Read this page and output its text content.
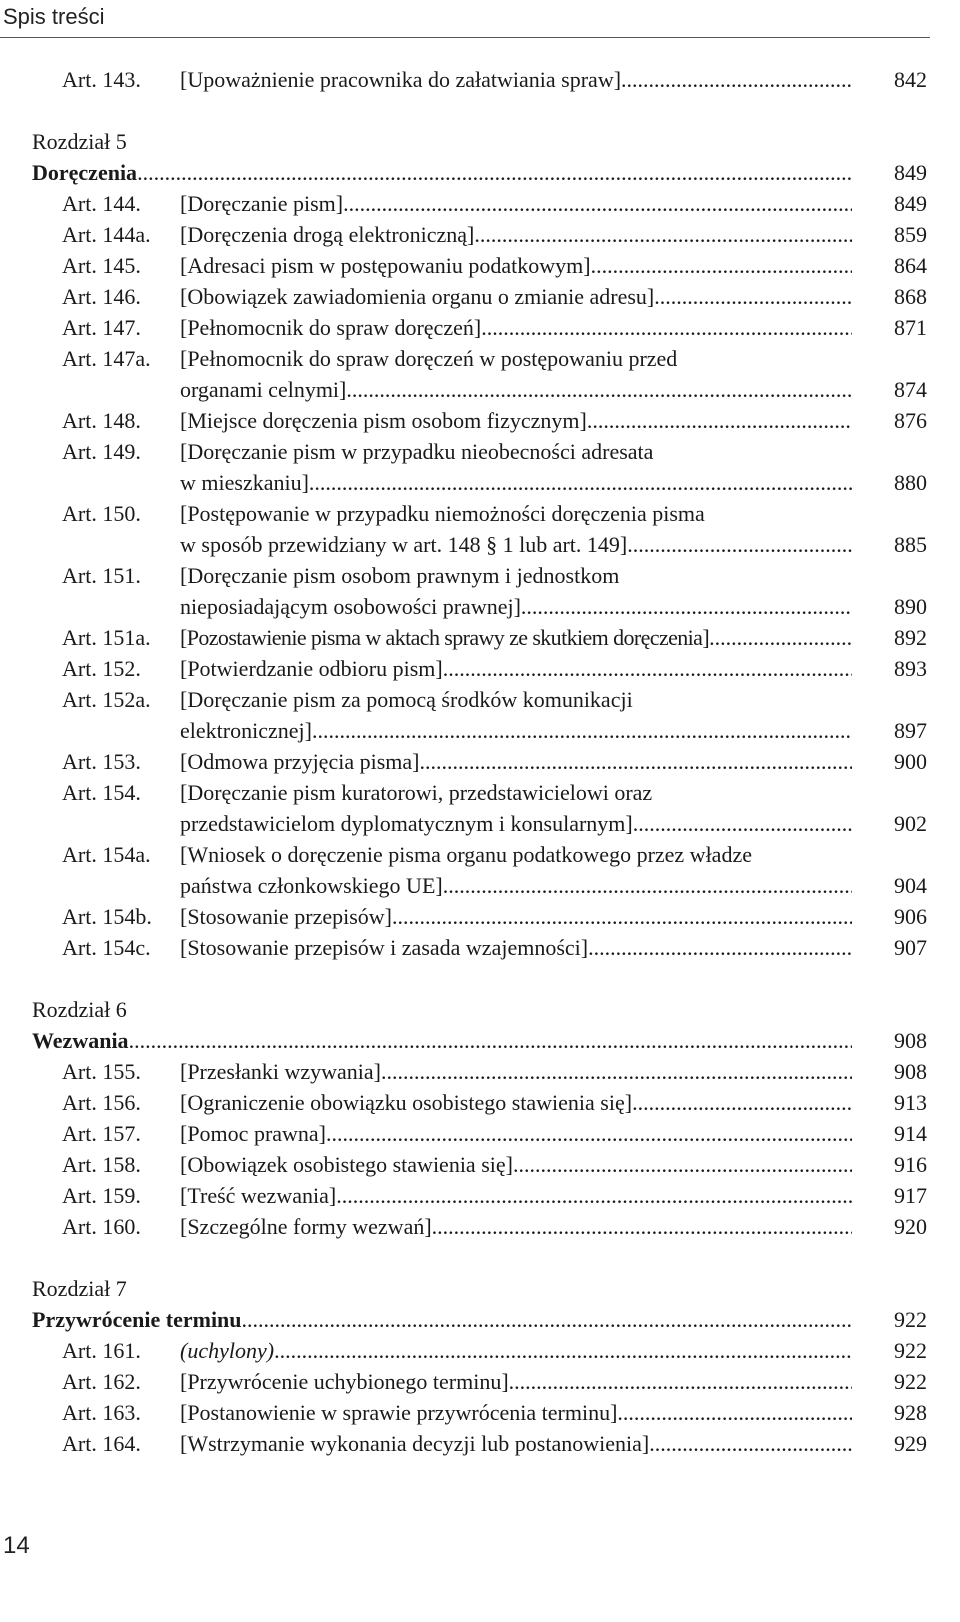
Spis treści
Art. 143. [Upoważnienie pracownika do załatwiania spraw] .....	842
Rozdział 5
Doręczenia .....	849
Art. 144. [Doręczanie pism] .....	849
Art. 144a. [Doręczenia drogą elektroniczną] .....	859
Art. 145. [Adresaci pism w postępowaniu podatkowym] .....	864
Art. 146. [Obowiązek zawiadomienia organu o zmianie adresu] .....	868
Art. 147. [Pełnomocnik do spraw doręczeń] .....	871
Art. 147a. [Pełnomocnik do spraw doręczeń w postępowaniu przed
organami celnymi] .....	874
Art. 148. [Miejsce doręczenia pism osobom fizycznym] .....	876
Art. 149. [Doręczanie pism w przypadku nieobecności adresata
w mieszkaniu] .....	880
Art. 150. [Postępowanie w przypadku niemożności doręczenia pisma
w sposób przewidziany w art. 148 § 1 lub art. 149] .....	885
Art. 151. [Doręczanie pism osobom prawnym i jednostkom
nieposiadającym osobowości prawnej] .....	890
Art. 151a. [Pozostawienie pisma w aktach sprawy ze skutkiem doręczenia] .....	892
Art. 152. [Potwierdzanie odbioru pism] .....	893
Art. 152a. [Doręczanie pism za pomocą środków komunikacji
elektronicznej] .....	897
Art. 153. [Odmowa przyjęcia pisma] .....	900
Art. 154. [Doręczanie pism kuratorowi, przedstawicielowi oraz
przedstawicielom dyplomatycznym i konsularnym] .....	902
Art. 154a. [Wniosek o doręczenie pisma organu podatkowego przez władze
państwa członkowskiego UE] .....	904
Art. 154b. [Stosowanie przepisów] .....	906
Art. 154c. [Stosowanie przepisów i zasada wzajemności] .....	907
Rozdział 6
Wezwania .....	908
Art. 155. [Przesłanki wzywania] .....	908
Art. 156. [Ograniczenie obowiązku osobistego stawienia się] .....	913
Art. 157. [Pomoc prawna] .....	914
Art. 158. [Obowiązek osobistego stawienia się] .....	916
Art. 159. [Treść wezwania] .....	917
Art. 160. [Szczególne formy wezwań] .....	920
Rozdział 7
Przywrócenie terminu .....	922
Art. 161. (uchylony) .....	922
Art. 162. [Przywrócenie uchybionego terminu] .....	922
Art. 163. [Postanowienie w sprawie przywrócenia terminu] .....	928
Art. 164. [Wstrzymanie wykonania decyzji lub postanowienia] .....	929
14
